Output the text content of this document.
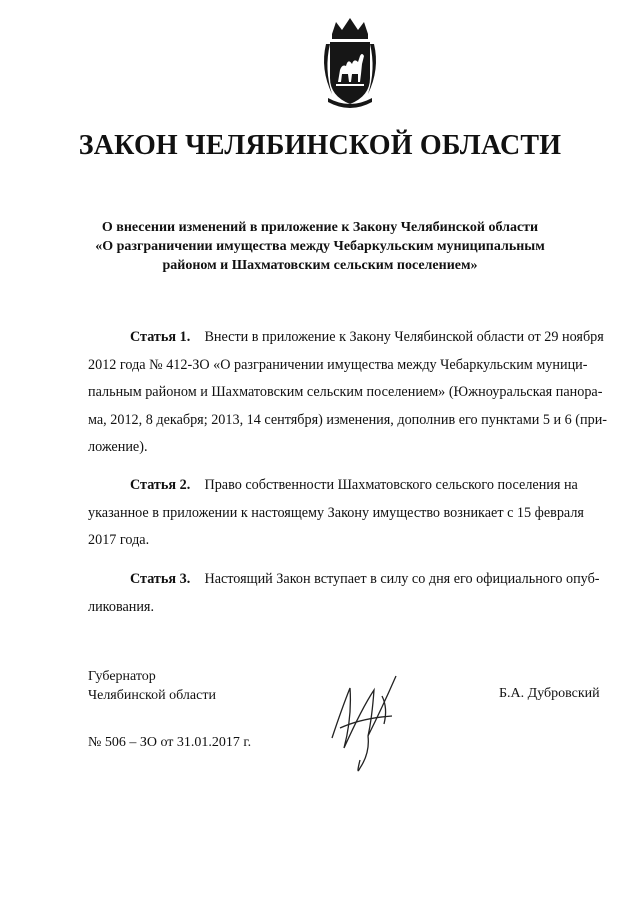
ЗАКОН ЧЕЛЯБИНСКОЙ ОБЛАСТИ
О внесении изменений в приложение к Закону Челябинской области
«О разграничении имущества между Чебаркульским муниципальным
районом и Шахматовским сельским поселением»
Статья 1. Внести в приложение к Закону Челябинской области от 29 ноября
2012 года № 412-ЗО «О разграничении имущества между Чебаркульским муници-
пальным районом и Шахматовским сельским поселением» (Южноуральская панора-
ма, 2012, 8 декабря; 2013, 14 сентября) изменения, дополнив его пунктами 5 и 6 (при-
ложение).
Статья 2. Право собственности Шахматовского сельского поселения на
указанное в приложении к настоящему Закону имущество возникает с 15 февраля
2017 года.
Статья 3. Настоящий Закон вступает в силу со дня его официального опуб-
ликования.
Губернатор
Челябинской области	Б.А. Дубровский
№ 506 – ЗО от 31.01.2017 г.
